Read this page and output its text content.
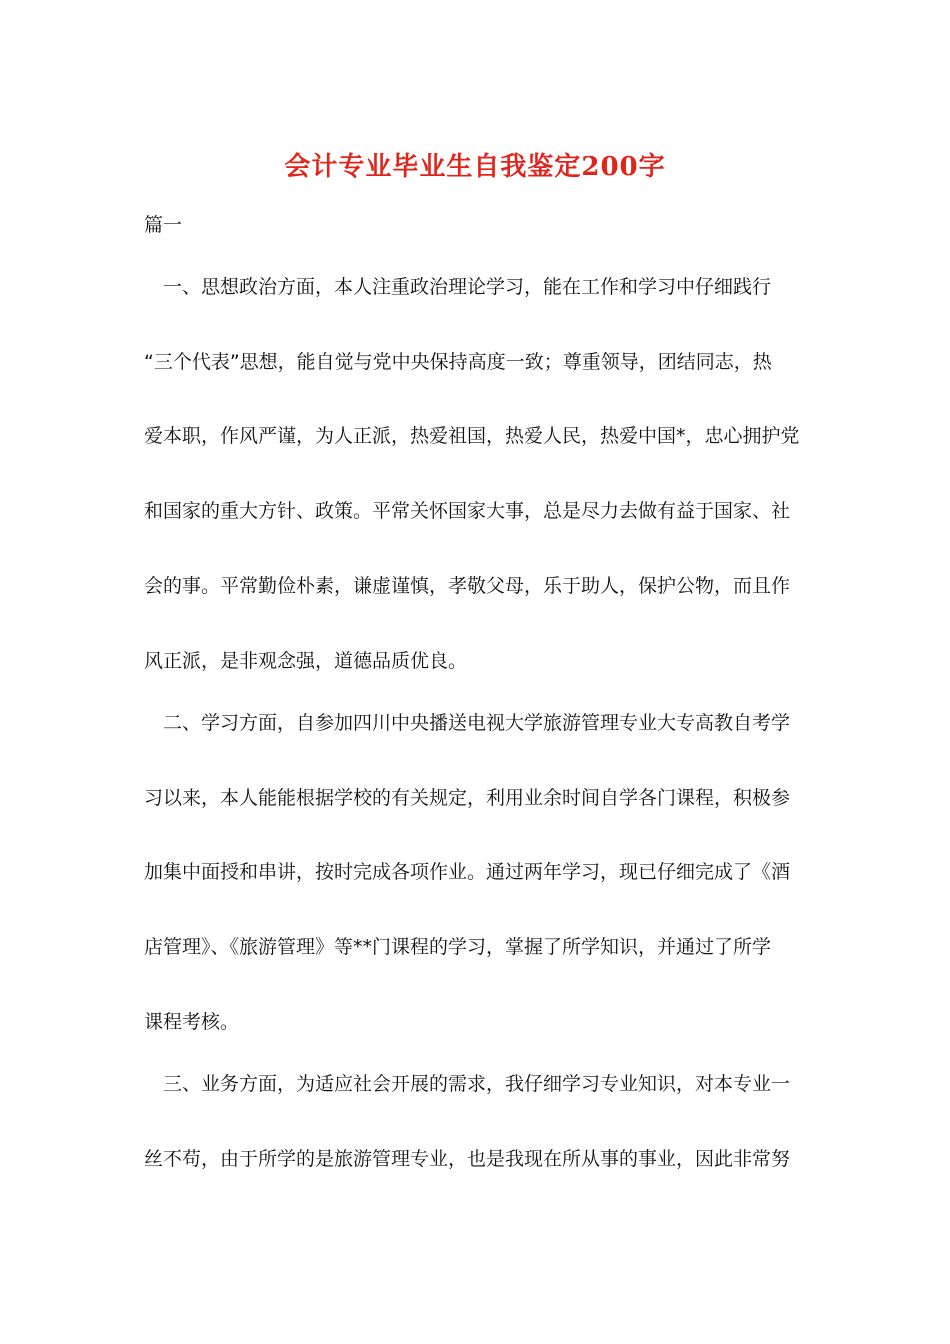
会计专业毕业生自我鉴定200字
篇一
一、思想政治方面，本人注重政治理论学习，能在工作和学习中仔细践行
“三个代表”思想，能自觉与党中央保持高度一致；尊重领导，团结同志，热
爱本职，作风严谨，为人正派，热爱祖国，热爱人民，热爱中国*，忠心拥护党
和国家的重大方针、政策。平常关怀国家大事，总是尽力去做有益于国家、社
会的事。平常勤俭朴素，谦虚谨慎，孝敬父母，乐于助人，保护公物，而且作
风正派，是非观念强，道德品质优良。
二、学习方面，自参加四川中央播送电视大学旅游管理专业大专高教自考学
习以来，本人能能根据学校的有关规定，利用业余时间自学各门课程，积极参
加集中面授和串讲，按时完成各项作业。通过两年学习，现已仔细完成了《酒
店管理》、《旅游管理》等**门课程的学习，掌握了所学知识，并通过了所学
课程考核。
三、业务方面，为适应社会开展的需求，我仔细学习专业知识，对本专业一
丝不苟，由于所学的是旅游管理专业，也是我现在所从事的事业，因此非常努
